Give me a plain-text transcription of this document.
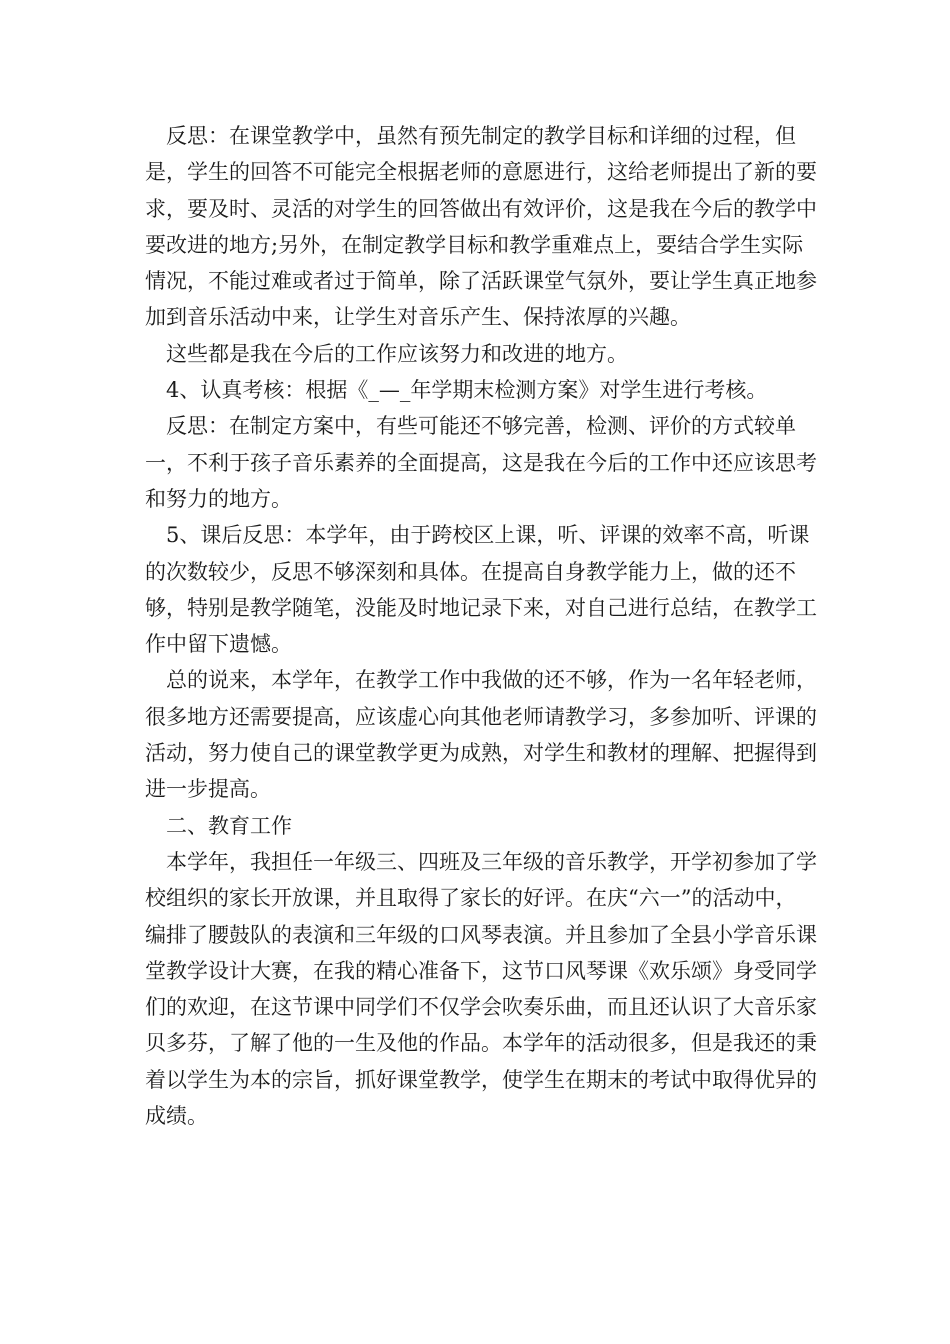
反思：在课堂教学中，虽然有预先制定的教学目标和详细的过程，但是，学生的回答不可能完全根据老师的意愿进行，这给老师提出了新的要求，要及时、灵活的对学生的回答做出有效评价，这是我在今后的教学中要改进的地方;另外，在制定教学目标和教学重难点上，要结合学生实际情况，不能过难或者过于简单，除了活跃课堂气氛外，要让学生真正地参加到音乐活动中来，让学生对音乐产生、保持浓厚的兴趣。

这些都是我在今后的工作应该努力和改进的地方。

4、认真考核：根据《_—_年学期末检测方案》对学生进行考核。

反思：在制定方案中，有些可能还不够完善，检测、评价的方式较单一，不利于孩子音乐素养的全面提高，这是我在今后的工作中还应该思考和努力的地方。

5、课后反思：本学年，由于跨校区上课，听、评课的效率不高，听课的次数较少，反思不够深刻和具体。在提高自身教学能力上，做的还不够，特别是教学随笔，没能及时地记录下来，对自己进行总结，在教学工作中留下遗憾。

总的说来，本学年，在教学工作中我做的还不够，作为一名年轻老师，很多地方还需要提高，应该虚心向其他老师请教学习，多参加听、评课的活动，努力使自己的课堂教学更为成熟，对学生和教材的理解、把握得到进一步提高。

二、教育工作

本学年，我担任一年级三、四班及三年级的音乐教学，开学初参加了学校组织的家长开放课，并且取得了家长的好评。在庆“六一”的活动中，编排了腰鼓队的表演和三年级的口风琴表演。并且参加了全县小学音乐课堂教学设计大赛，在我的精心准备下，这节口风琴课《欢乐颂》身受同学们的欢迎，在这节课中同学们不仅学会吹奏乐曲，而且还认识了大音乐家贝多芬，了解了他的一生及他的作品。本学年的活动很多，但是我还的秉着以学生为本的宗旨，抓好课堂教学，使学生在期末的考试中取得优异的成绩。
